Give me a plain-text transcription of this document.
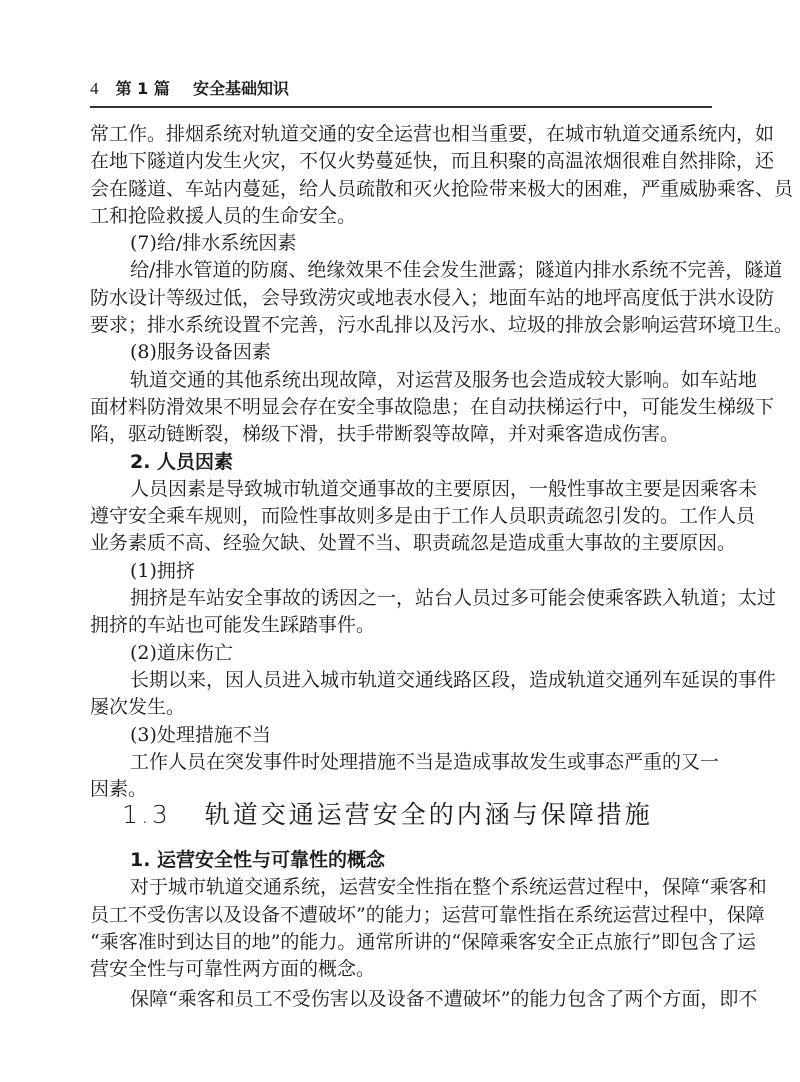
4 第 1 篇 安全基础知识
常工作。排烟系统对轨道交通的安全运营也相当重要，在城市轨道交通系统内，如
在地下隧道内发生火灾，不仅火势蔓延快，而且积聚的高温浓烟很难自然排除，还
会在隧道、车站内蔓延，给人员疏散和灭火抢险带来极大的困难，严重威胁乘客、员
工和抢险救援人员的生命安全。
(7)给/排水系统因素
给/排水管道的防腐、绝缘效果不佳会发生泄露；隧道内排水系统不完善，隧道
防水设计等级过低，会导致涝灾或地表水侵入；地面车站的地坪高度低于洪水设防
要求；排水系统设置不完善，污水乱排以及污水、垃圾的排放会影响运营环境卫生。
(8)服务设备因素
轨道交通的其他系统出现故障，对运营及服务也会造成较大影响。如车站地
面材料防滑效果不明显会存在安全事故隐患；在自动扶梯运行中，可能发生梯级下
陷，驱动链断裂，梯级下滑，扶手带断裂等故障，并对乘客造成伤害。
2. 人员因素
人员因素是导致城市轨道交通事故的主要原因，一般性事故主要是因乘客未
遵守安全乘车规则，而险性事故则多是由于工作人员职责疏忽引发的。工作人员
业务素质不高、经验欠缺、处置不当、职责疏忽是造成重大事故的主要原因。
(1)拥挤
拥挤是车站安全事故的诱因之一，站台人员过多可能会使乘客跌入轨道；太过
拥挤的车站也可能发生踩踏事件。
(2)道床伤亡
长期以来，因人员进入城市轨道交通线路区段，造成轨道交通列车延误的事件
屡次发生。
(3)处理措施不当
工作人员在突发事件时处理措施不当是造成事故发生或事态严重的又一
因素。
1.3 轨道交通运营安全的内涵与保障措施
1. 运营安全性与可靠性的概念
对于城市轨道交通系统，运营安全性指在整个系统运营过程中，保障“乘客和
员工不受伤害以及设备不遭破坏”的能力；运营可靠性指在系统运营过程中，保障
“乘客准时到达目的地”的能力。通常所讲的“保障乘客安全正点旅行”即包含了运
营安全性与可靠性两方面的概念。
保障“乘客和员工不受伤害以及设备不遭破坏”的能力包含了两个方面，即不
